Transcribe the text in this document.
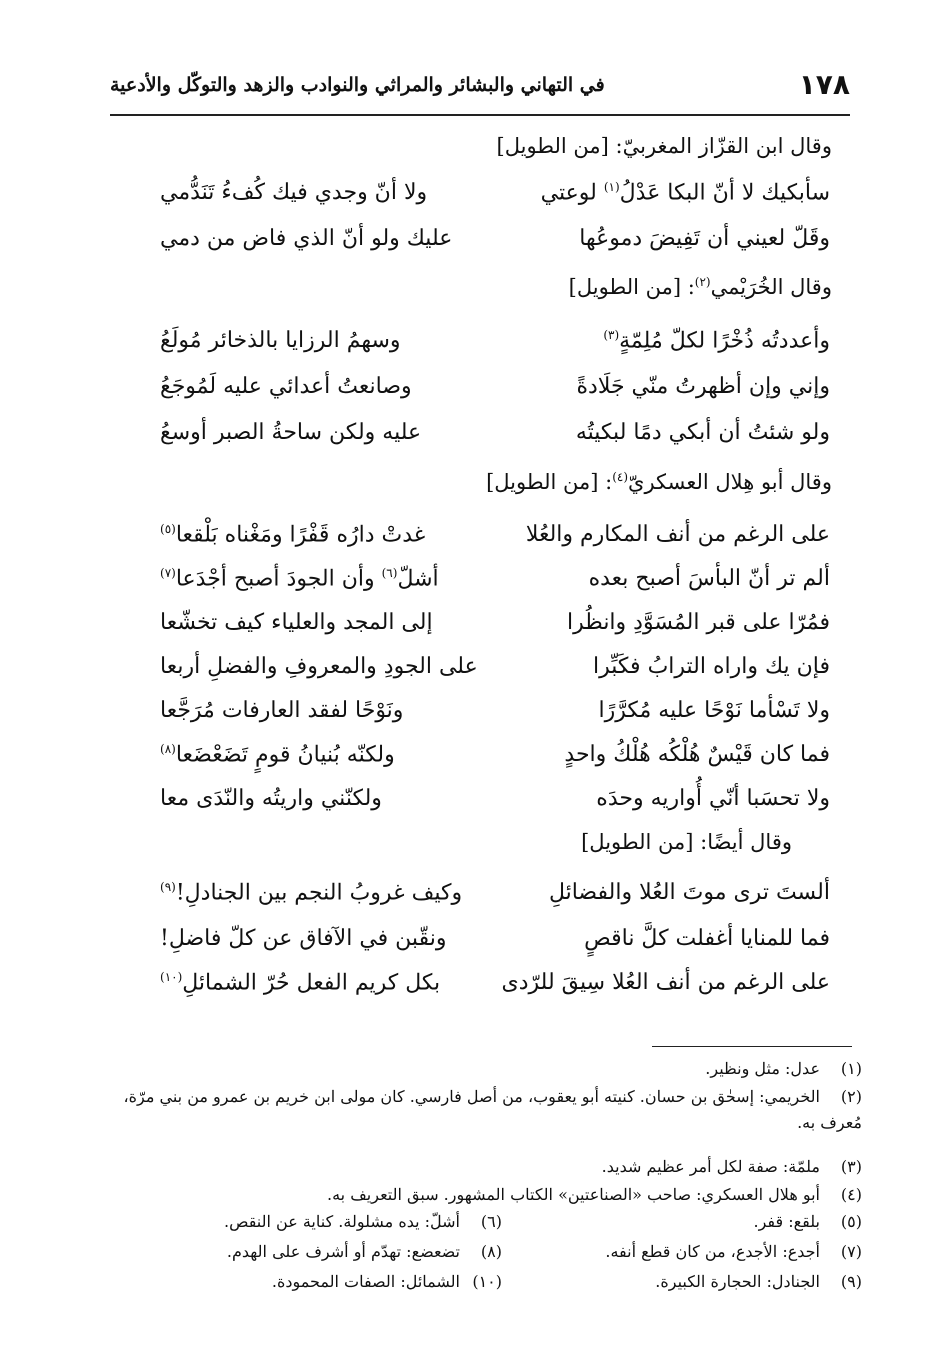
١٧٨
في التهاني والبشائر والمراثي والنوادب والزهد والتوكّل والأدعية
وقال ابن القزّاز المغربيّ: [من الطويل]
سأبكيك لا أنّ البكا عَدْلُ$^{(١)}$ لوعتي
ولا أنّ وجدي فيك كُفءُ تَنَدُّمي
وقَلّ لعيني أن تَفِيضَ دموعُها
عليك ولو أنّ الذي فاض من دمي
وقال الخُرَيْمي$^{(٢)}$: [من الطويل]
وأعددتُه ذُخْرًا لكلّ مُلِمّةٍ$^{(٣)}$
وسهمُ الرزايا بالذخائر مُولَعُ
وإني وإن أظهرتُ منّي جَلَادةً
وصانعتُ أعدائي عليه لَمُوجَعُ
ولو شئتُ أن أبكي دمًا لبكيتُه
عليه ولكن ساحةُ الصبر أوسعُ
وقال أبو هِلال العسكريّ$^{(٤)}$: [من الطويل]
على الرغم من أنف المكارم والعُلا
غدتْ دارُه قَفْرًا ومَغْناه بَلْقعا$^{(٥)}$
ألم تر أنّ البأسَ أصبح بعده
أشلّ$^{(٦)}$ وأن الجودَ أصبح أجْدَعا$^{(٧)}$
فمُرّا على قبر المُسَوَّدِ وانظُرا
إلى المجد والعلياء كيف تخشّعا
فإن يك واراه الترابُ فكَبِّرا
على الجودِ والمعروفِ والفضلِ أربعا
ولا تَسْأما نَوْحًا عليه مُكرَّرًا
ونَوْحًا لفقد العارفات مُرَجَّعا
فما كان قَيْسٌ هُلْكُه هُلْكُ واحدٍ
ولكنّه بُنيانُ قومٍ تَضَعْضَعا$^{(٨)}$
ولا تحسَبا أنّي أُواريه وحدَه
ولكنّني واريتُه والنّدَى معا
وقال أيضًا: [من الطويل]
ألستَ ترى موتَ العُلا والفضائلِ
وكيف غروبُ النجم بين الجنادلِ!$^{(٩)}$
فما للمنايا أغفلت كلَّ ناقصٍ
ونقّبن في الآفاق عن كلّ فاضلِ!
على الرغم من أنف العُلا سِيقَ للرّدى
بكل كريم الفعل حُرّ الشمائلِ$^{(١٠)}$
(١)عدل: مثل ونظير.
(٢)الخريمي: إسحٰق بن حسان. كنيته أبو يعقوب، من أصل فارسي. كان مولى ابن خريم بن عمرو من بني مرّة، مُعرف به.
(٣)ملمّة: صفة لكل أمر عظيم شديد.
(٤)أبو هلال العسكري: صاحب «الصناعتين» الكتاب المشهور. سبق التعريف به.
(٥)بلقع: قفر.
(٦)أشلّ: يده مشلولة. كناية عن النقص.
(٧)أجدع: الأجدع، من كان قطع أنفه.
(٨)تضعضع: تهدّم أو أشرف على الهدم.
(٩)الجنادل: الحجارة الكبيرة.
(١٠)الشمائل: الصفات المحمودة.
